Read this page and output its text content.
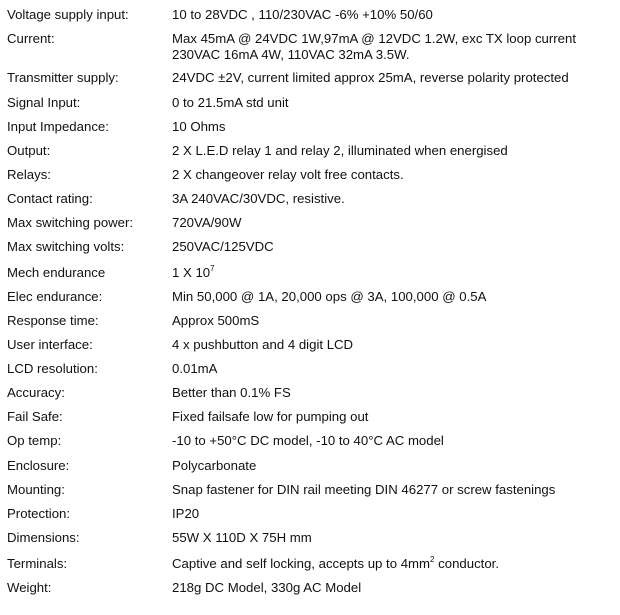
Voltage supply input:	10 to 28VDC , 110/230VAC -6% +10% 50/60
Current:	Max 45mA @ 24VDC 1W,97mA @ 12VDC 1.2W, exc TX loop current
230VAC 16mA 4W, 110VAC 32mA 3.5W.
Transmitter supply:	24VDC ±2V, current limited approx 25mA, reverse polarity protected
Signal Input:	0 to 21.5mA std unit
Input Impedance:	10 Ohms
Output:	2 X L.E.D relay 1 and relay 2, illuminated when energised
Relays:	2 X changeover relay volt free contacts.
Contact rating:	3A 240VAC/30VDC, resistive.
Max switching power:	720VA/90W
Max switching volts:	250VAC/125VDC
Mech endurance	1 X $10^7$
Elec endurance:	Min 50,000 @ 1A, 20,000 ops @ 3A, 100,000 @ 0.5A
Response time:	Approx 500mS
User interface:	4 x pushbutton and 4 digit LCD
LCD resolution:	0.01mA
Accuracy:	Better than 0.1% FS
Fail Safe:	Fixed failsafe low for pumping out
Op temp:	-10 to +50°C DC model, -10 to 40°C AC model
Enclosure:	Polycarbonate
Mounting:	Snap fastener for DIN rail meeting DIN 46277 or screw fastenings
Protection:	IP20
Dimensions:	55W X 110D X 75H mm
Terminals:	Captive and self locking, accepts up to $4mm^2$ conductor.
Weight:	218g DC Model, 330g AC Model
